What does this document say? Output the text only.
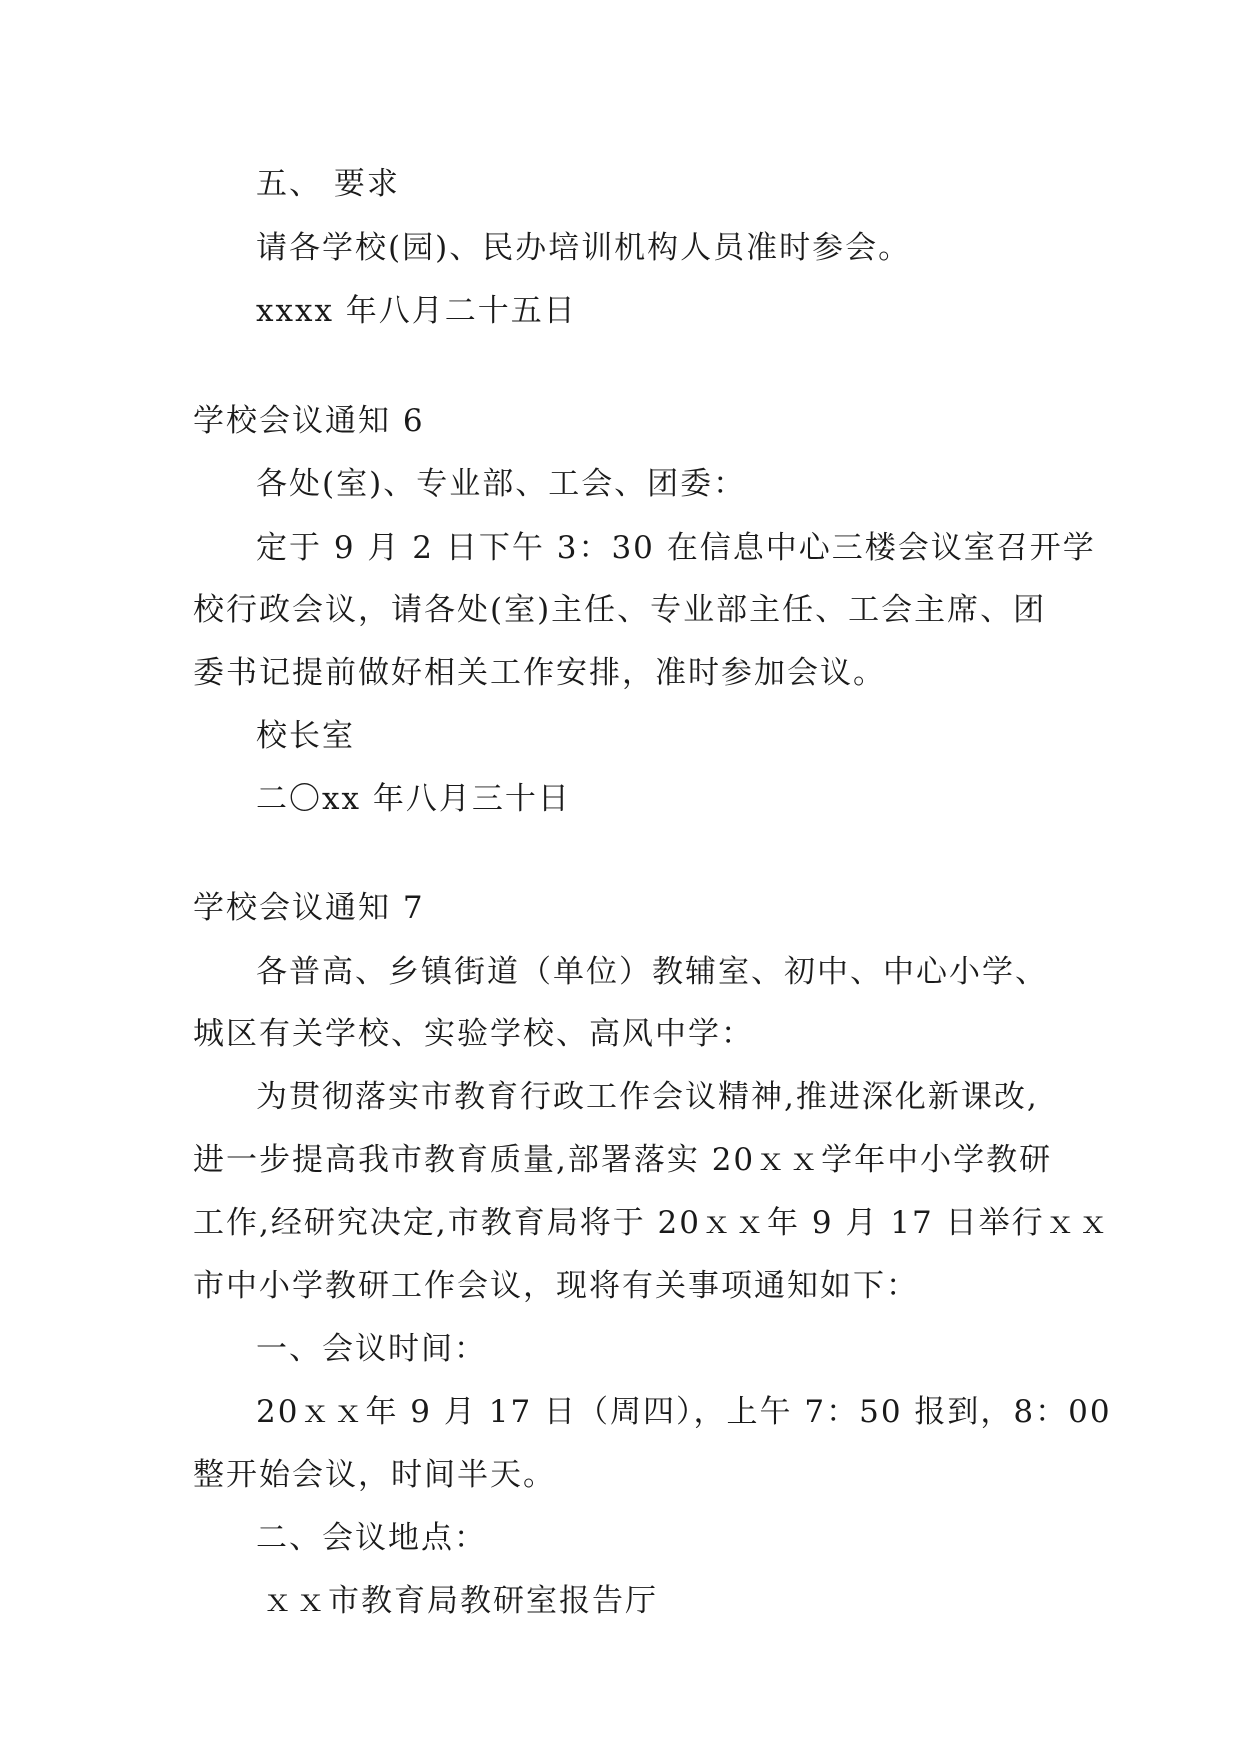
五、 要求
请各学校(园)、民办培训机构人员准时参会。
xxxx 年八月二十五日
学校会议通知 6
各处(室)、专业部、工会、团委：
定于 9 月 2 日下午 3：30 在信息中心三楼会议室召开学
校行政会议，请各处(室)主任、专业部主任、工会主席、团
委书记提前做好相关工作安排，准时参加会议。
校长室
二〇xx 年八月三十日
学校会议通知 7
各普高、乡镇街道（单位）教辅室、初中、中心小学、
城区有关学校、实验学校、高风中学：
为贯彻落实市教育行政工作会议精神,推进深化新课改,
进一步提高我市教育质量,部署落实 20ｘｘ学年中小学教研
工作,经研究决定,市教育局将于 20ｘｘ年 9 月 17 日举行ｘｘ
市中小学教研工作会议，现将有关事项通知如下：
一、会议时间：
20ｘｘ年 9 月 17 日（周四），上午 7：50 报到，8：00
整开始会议，时间半天。
二、会议地点：
ｘｘ市教育局教研室报告厅
